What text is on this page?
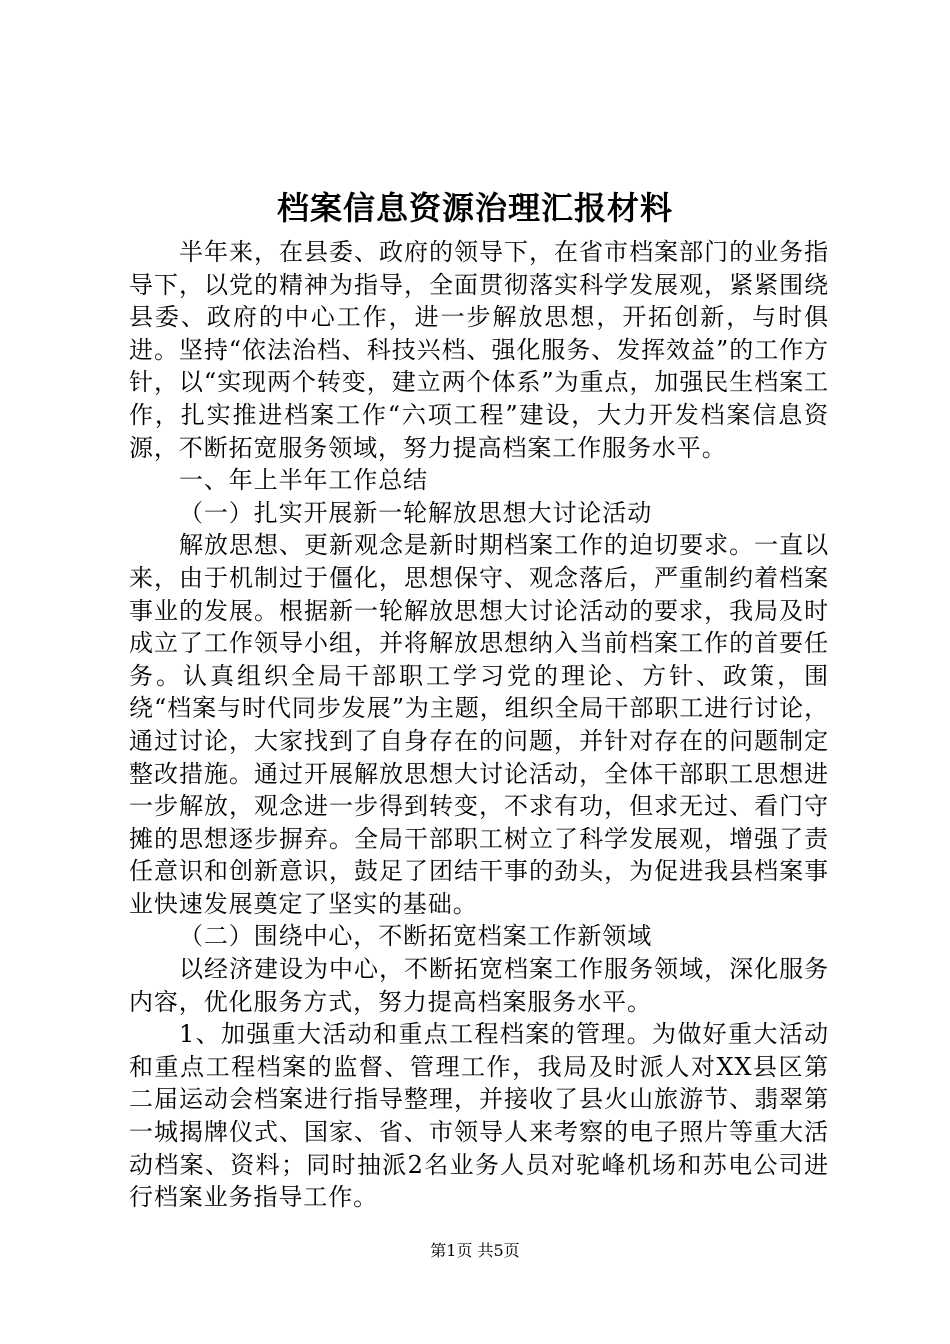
档案信息资源治理汇报材料

半年来，在县委、政府的领导下，在省市档案部门的业务指导下，以党的精神为指导，全面贯彻落实科学发展观，紧紧围绕县委、政府的中心工作，进一步解放思想，开拓创新，与时俱进。坚持“依法治档、科技兴档、强化服务、发挥效益”的工作方针，以“实现两个转变，建立两个体系”为重点，加强民生档案工作，扎实推进档案工作“六项工程”建设，大力开发档案信息资源，不断拓宽服务领域，努力提高档案工作服务水平。

一、年上半年工作总结

（一）扎实开展新一轮解放思想大讨论活动

解放思想、更新观念是新时期档案工作的迫切要求。一直以来，由于机制过于僵化，思想保守、观念落后，严重制约着档案事业的发展。根据新一轮解放思想大讨论活动的要求，我局及时成立了工作领导小组，并将解放思想纳入当前档案工作的首要任务。认真组织全局干部职工学习党的理论、方针、政策，围绕“档案与时代同步发展”为主题，组织全局干部职工进行讨论，通过讨论，大家找到了自身存在的问题，并针对存在的问题制定整改措施。通过开展解放思想大讨论活动，全体干部职工思想进一步解放，观念进一步得到转变，不求有功，但求无过、看门守摊的思想逐步摒弃。全局干部职工树立了科学发展观，增强了责任意识和创新意识，鼓足了团结干事的劲头，为促进我县档案事业快速发展奠定了坚实的基础。

（二）围绕中心，不断拓宽档案工作新领域

以经济建设为中心，不断拓宽档案工作服务领域，深化服务内容，优化服务方式，努力提高档案服务水平。

1、加强重大活动和重点工程档案的管理。为做好重大活动和重点工程档案的监督、管理工作，我局及时派人对XX县区第二届运动会档案进行指导整理，并接收了县火山旅游节、翡翠第一城揭牌仪式、国家、省、市领导人来考察的电子照片等重大活动档案、资料；同时抽派2名业务人员对驼峰机场和苏电公司进行档案业务指导工作。

第1页 共5页
